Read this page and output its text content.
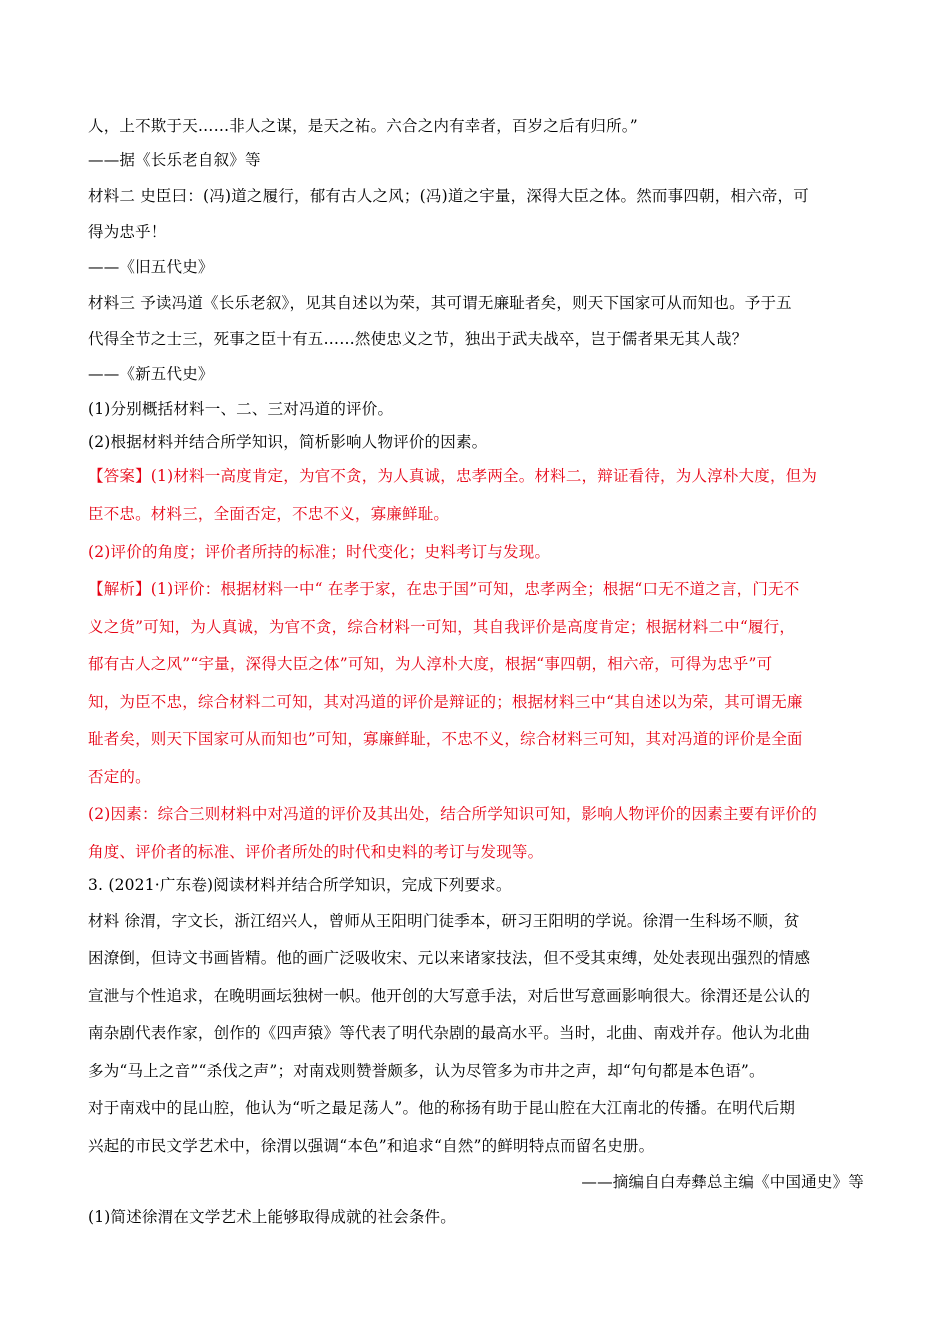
人，上不欺于天……非人之谋，是天之祐。六合之内有幸者，百岁之后有归所。”
——据《长乐老自叙》等
材料二 史臣曰：(冯)道之履行，郁有古人之风；(冯)道之宇量，深得大臣之体。然而事四朝，相六帝，可
得为忠乎！
——《旧五代史》
材料三 予读冯道《长乐老叙》，见其自述以为荣，其可谓无廉耻者矣，则天下国家可从而知也。予于五
代得全节之士三，死事之臣十有五……然使忠义之节，独出于武夫战卒，岂于儒者果无其人哉？
——《新五代史》
(1)分别概括材料一、二、三对冯道的评价。
(2)根据材料并结合所学知识，简析影响人物评价的因素。
【答案】(1)材料一高度肯定，为官不贪，为人真诚，忠孝两全。材料二，辩证看待，为人淳朴大度，但为
臣不忠。材料三，全面否定，不忠不义，寡廉鲜耻。
(2)评价的角度；评价者所持的标准；时代变化；史料考订与发现。
【解析】(1)评价：根据材料一中“ 在孝于家，在忠于国”可知，忠孝两全；根据“口无不道之言，门无不
义之货”可知，为人真诚，为官不贪，综合材料一可知，其自我评价是高度肯定；根据材料二中“履行，
郁有古人之风”“宇量，深得大臣之体”可知，为人淳朴大度，根据“事四朝，相六帝，可得为忠乎”可
知，为臣不忠，综合材料二可知，其对冯道的评价是辩证的；根据材料三中“其自述以为荣，其可谓无廉
耻者矣，则天下国家可从而知也”可知，寡廉鲜耻，不忠不义，综合材料三可知，其对冯道的评价是全面
否定的。
(2)因素：综合三则材料中对冯道的评价及其出处，结合所学知识可知，影响人物评价的因素主要有评价的
角度、评价者的标准、评价者所处的时代和史料的考订与发现等。
3. (2021·广东卷)阅读材料并结合所学知识，完成下列要求。
材料 徐渭，字文长，浙江绍兴人，曾师从王阳明门徒季本，研习王阳明的学说。徐渭一生科场不顺，贫
困潦倒，但诗文书画皆精。他的画广泛吸收宋、元以来诸家技法，但不受其束缚，处处表现出强烈的情感
宣泄与个性追求，在晚明画坛独树一帜。他开创的大写意手法，对后世写意画影响很大。徐渭还是公认的
南杂剧代表作家，创作的《四声猿》等代表了明代杂剧的最高水平。当时，北曲、南戏并存。他认为北曲
多为“马上之音”“杀伐之声”；对南戏则赞誉颇多，认为尽管多为市井之声，却“句句都是本色语”。
对于南戏中的昆山腔，他认为“听之最足荡人”。他的称扬有助于昆山腔在大江南北的传播。在明代后期
兴起的市民文学艺术中，徐渭以强调“本色”和追求“自然”的鲜明特点而留名史册。
——摘编自白寿彝总主编《中国通史》等
(1)简述徐渭在文学艺术上能够取得成就的社会条件。
